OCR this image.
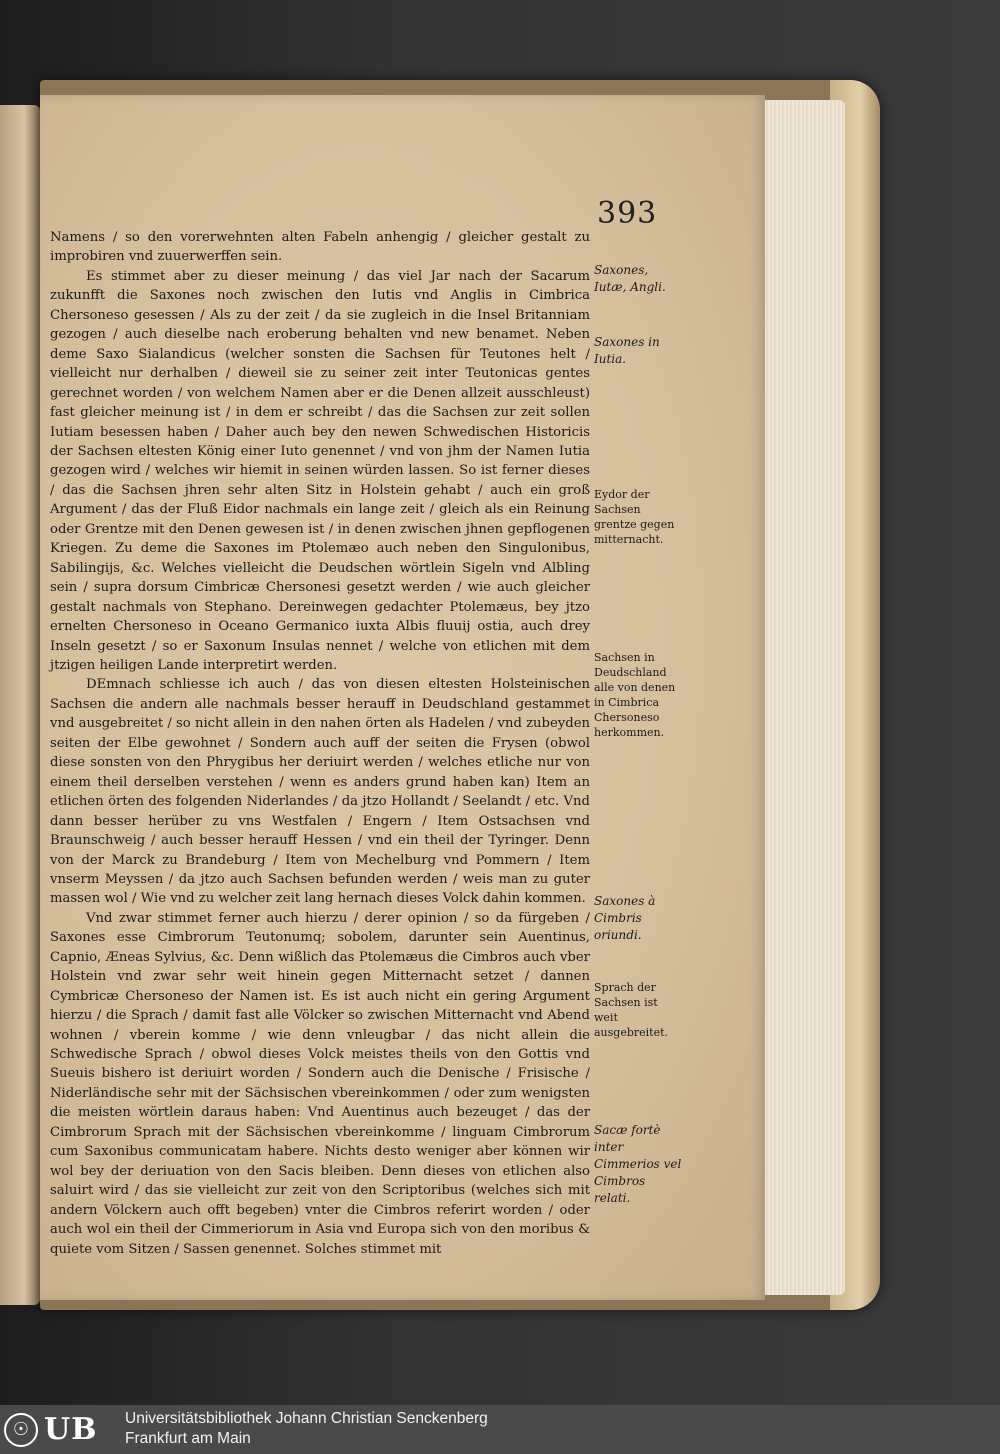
393

Namens / so den vorerwehnten alten Fabeln anhengig / gleicher gestalt zu improbiren vnd zuuerwerffen sein.

Es stimmet aber zu dieser meinung / das viel Jar nach der Sacarum zukunfft die Saxones noch zwischen den Iutis vnd Anglis in Cimbrica Chersoneso gesessen / Als zu der zeit / da sie zugleich in die Insel Britanniam gezogen / auch dieselbe nach eroberung behalten vnd new benamet. Neben deme Saxo Sialandicus (welcher sonsten die Sachsen für Teutones helt / vielleicht nur derhalben / dieweil sie zu seiner zeit inter Teutonicas gentes gerechnet worden / von welchem Namen aber er die Denen allzeit ausschleust) fast gleicher meinung ist / in dem er schreibt / das die Sachsen zur zeit sollen Iutiam besessen haben / Daher auch bey den newen Schwedischen Historicis der Sachsen eltesten König einer Iuto genennet / vnd von jhm der Namen Iutia gezogen wird / welches wir hiemit in seinen würden lassen. So ist ferner dieses / das die Sachsen jhren sehr alten Sitz in Holstein gehabt / auch ein groß Argument / das der Fluß Eidor nachmals ein lange zeit / gleich als ein Reinung oder Grentze mit den Denen gewesen ist / in denen zwischen jhnen gepflogenen Kriegen. Zu deme die Saxones im Ptolemæo auch neben den Singulonibus, Sabilingijs, &c. Welches vielleicht die Deudschen wörtlein Sigeln vnd Albling sein / supra dorsum Cimbricæ Chersonesi gesetzt werden / wie auch gleicher gestalt nachmals von Stephano. Dereinwegen gedachter Ptolemæus, bey jtzo ernelten Chersoneso in Oceano Germanico iuxta Albis fluuij ostia, auch drey Inseln gesetzt / so er Saxonum Insulas nennet / welche von etlichen mit dem jtzigen heiligen Lande interpretirt werden.

DEmnach schliesse ich auch / das von diesen eltesten Holsteinischen Sachsen die andern alle nachmals besser herauff in Deudschland gestammet vnd ausgebreitet / so nicht allein in den nahen örten als Hadelen / vnd zubeyden seiten der Elbe gewohnet / Sondern auch auff der seiten die Frysen (obwol diese sonsten von den Phrygibus her deriuirt werden / welches etliche nur von einem theil derselben verstehen / wenn es anders grund haben kan) Item an etlichen örten des folgenden Niderlandes / da jtzo Hollandt / Seelandt / etc. Vnd dann besser herüber zu vns Westfalen / Engern / Item Ostsachsen vnd Braunschweig / auch besser herauff Hessen / vnd ein theil der Tyringer. Denn von der Marck zu Brandeburg / Item von Mechelburg vnd Pommern / Item vnserm Meyssen / da jtzo auch Sachsen befunden werden / weis man zu guter massen wol / Wie vnd zu welcher zeit lang hernach dieses Volck dahin kommen.

Vnd zwar stimmet ferner auch hierzu / derer opinion / so da fürgeben / Saxones esse Cimbrorum Teutonumq; sobolem, darunter sein Auentinus, Capnio, Æneas Sylvius, &c. Denn wißlich das Ptolemæus die Cimbros auch vber Holstein vnd zwar sehr weit hinein gegen Mitternacht setzet / dannen Cymbricæ Chersoneso der Namen ist. Es ist auch nicht ein gering Argument hierzu / die Sprach / damit fast alle Völcker so zwischen Mitternacht vnd Abend wohnen / vberein komme / wie denn vnleugbar / das nicht allein die Schwedische Sprach / obwol dieses Volck meistes theils von den Gottis vnd Sueuis bishero ist deriuirt worden / Sondern auch die Denische / Frisische / Niderländische sehr mit der Sächsischen vbereinkommen / oder zum wenigsten die meisten wörtlein daraus haben: Vnd Auentinus auch bezeuget / das der Cimbrorum Sprach mit der Sächsischen vbereinkomme / linguam Cimbrorum cum Saxonibus communicatam habere. Nichts desto weniger aber können wir wol bey der deriuation von den Sacis bleiben. Denn dieses von etlichen also saluirt wird / das sie vielleicht zur zeit von den Scriptoribus (welches sich mit andern Völckern auch offt begeben) vnter die Cimbros referirt worden / oder auch wol ein theil der Cimmeriorum in Asia vnd Europa sich von den moribus & quiete vom Sitzen / Sassen genennet. Solches stimmet mit

Saxones, Iutæ, Angli.
Saxones in Iutia.
Eydor der Sachsen grentze gegen mitternacht.
Sachsen in Deudschland alle von denen in Cimbrica Chersoneso herkommen.
Saxones à Cimbris oriundi.
Sprach der Sachsen ist weit ausgebreitet.
Sacæ fortè inter Cimmerios vel Cimbros relati.
☉ UB Universitätsbibliothek Johann Christian Senckenberg
Frankfurt am Main
